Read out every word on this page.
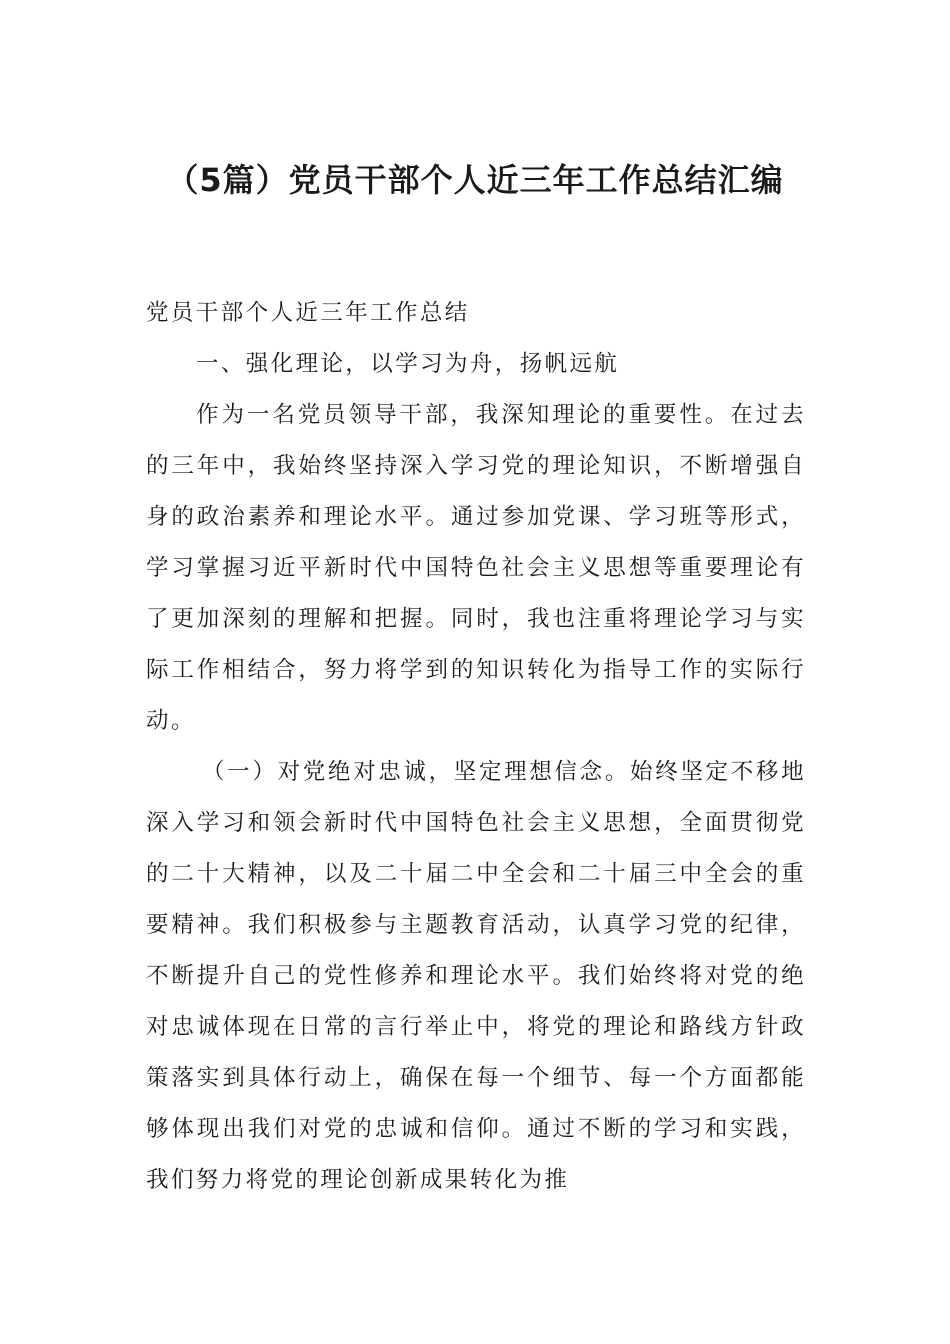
（5篇）党员干部个人近三年工作总结汇编

党员干部个人近三年工作总结

一、强化理论，以学习为舟，扬帆远航

作为一名党员领导干部，我深知理论的重要性。在过去的三年中，我始终坚持深入学习党的理论知识，不断增强自身的政治素养和理论水平。通过参加党课、学习班等形式，学习掌握习近平新时代中国特色社会主义思想等重要理论有了更加深刻的理解和把握。同时，我也注重将理论学习与实际工作相结合，努力将学到的知识转化为指导工作的实际行动。

（一）对党绝对忠诚，坚定理想信念。始终坚定不移地深入学习和领会新时代中国特色社会主义思想，全面贯彻党的二十大精神，以及二十届二中全会和二十届三中全会的重要精神。我们积极参与主题教育活动，认真学习党的纪律，不断提升自己的党性修养和理论水平。我们始终将对党的绝对忠诚体现在日常的言行举止中，将党的理论和路线方针政策落实到具体行动上，确保在每一个细节、每一个方面都能够体现出我们对党的忠诚和信仰。通过不断的学习和实践，我们努力将党的理论创新成果转化为推
